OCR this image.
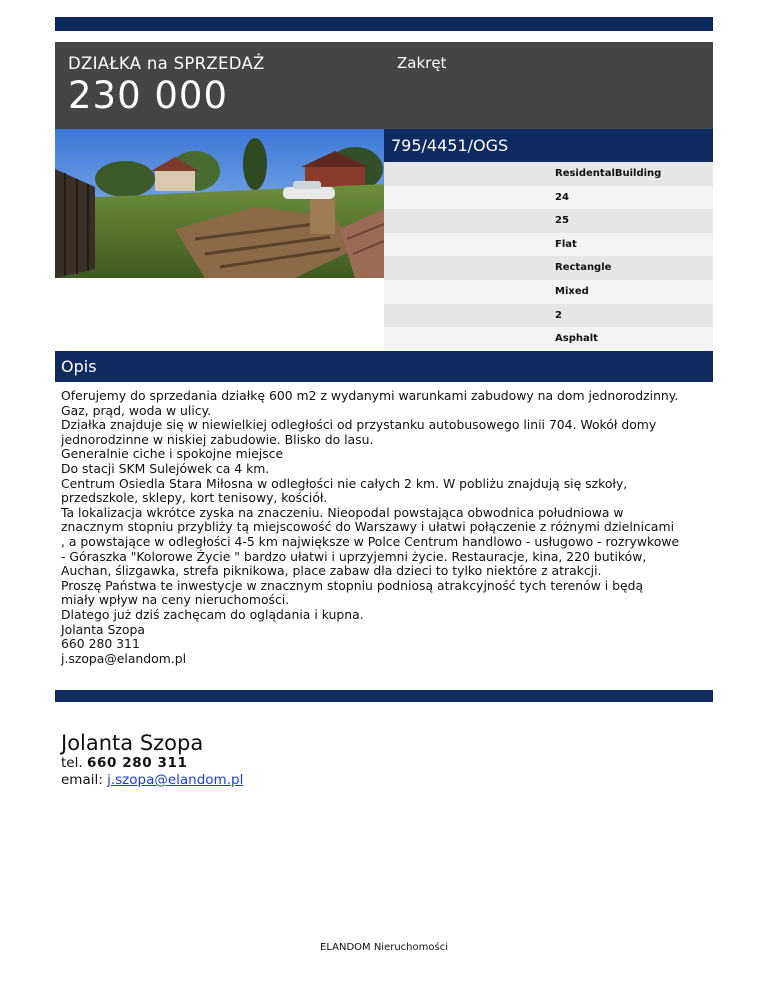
DZIAŁKA na SPRZEDAŻ
230 000
Zakręt
795/4451/OGS
ResidentalBuilding
24
25
Flat
Rectangle
Mixed
2
Asphalt
Opis
Oferujemy do sprzedania działkę 600 m2 z wydanymi warunkami zabudowy na dom jednorodzinny.
Gaz, prąd, woda w ulicy.
Działka znajduje się w niewielkiej odległości od przystanku autobusowego linii 704. Wokół domy
jednorodzinne w niskiej zabudowie. Blisko do lasu.
Generalnie ciche i spokojne miejsce
Do stacji SKM Sulejówek ca 4 km.
Centrum Osiedla Stara Miłosna w odległości nie całych 2 km. W pobliżu znajdują się szkoły,
przedszkole, sklepy, kort tenisowy, kościół.
Ta lokalizacja wkrótce zyska na znaczeniu. Nieopodal powstająca obwodnica południowa w
znacznym stopniu przybliży tą miejscowość do Warszawy i ułatwi połączenie z różnymi dzielnicami
, a powstające w odległości 4-5 km największe w Polce Centrum handlowo - usługowo - rozrywkowe
- Góraszka "Kolorowe Życie " bardzo ułatwi i uprzyjemni życie. Restauracje, kina, 220 butików,
Auchan, ślizgawka, strefa piknikowa, place zabaw dla dzieci to tylko niektóre z atrakcji.
Proszę Państwa te inwestycje w znacznym stopniu podniosą atrakcyjność tych terenów i będą
miały wpływ na ceny nieruchomości.
Dlatego już dziś zachęcam do oglądania i kupna.
Jolanta Szopa
660 280 311
j.szopa@elandom.pl
Jolanta Szopa
tel. 660 280 311
email: j.szopa@elandom.pl
ELANDOM Nieruchomości
